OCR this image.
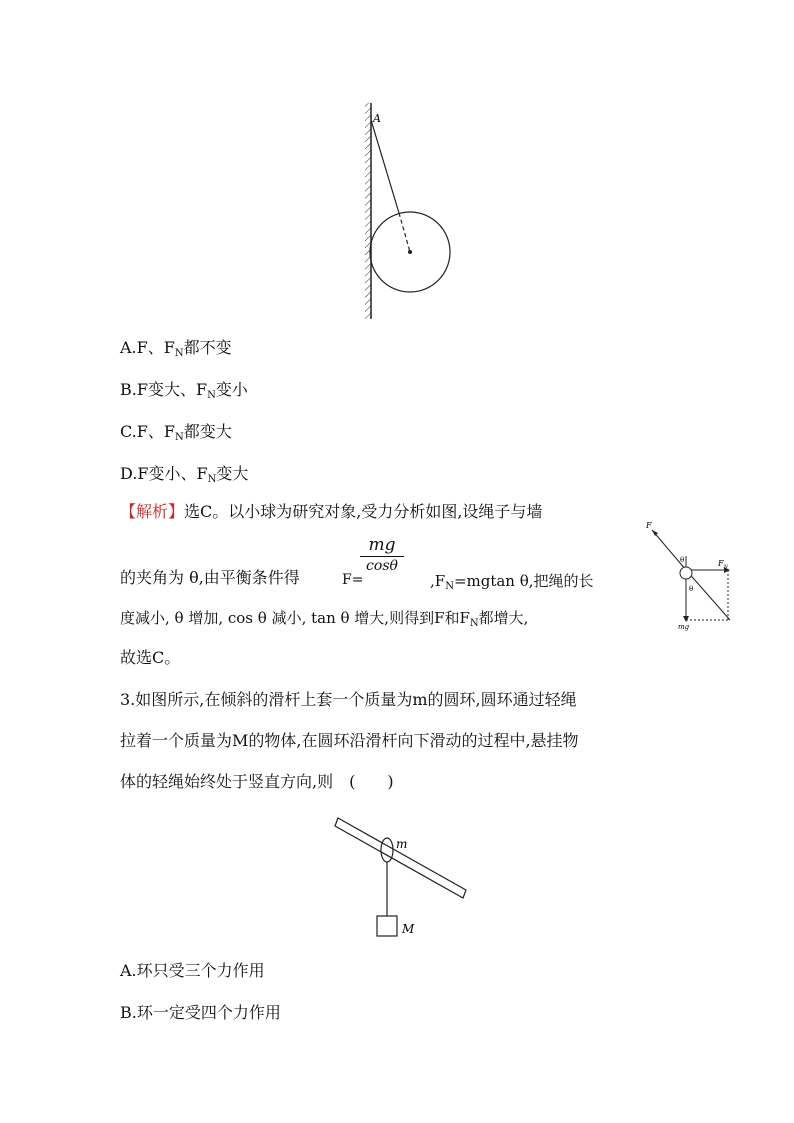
A
A.F、$F_N$都不变
B.F变大、$F_N$变小
C.F、$F_N$都变大
D.F变小、$F_N$变大
【解析】选C。以小球为研究对象,受力分析如图,设绳子与墙
的夹角为 θ,由平衡条件得	F=
mg
cosθ
$,F_N=mgtan$ θ,把绳的长
度减小, θ 增加, cos θ 减小, tan θ 增大,则得到F和$F_N$都增大,
故选C。
F
θ
θ
$F_N$
mg
3.如图所示,在倾斜的滑杆上套一个质量为m的圆环,圆环通过轻绳
拉着一个质量为M的物体,在圆环沿滑杆向下滑动的过程中,悬挂物
体的轻绳始终处于竖直方向,则　(　　)
m
M
A.环只受三个力作用
B.环一定受四个力作用
